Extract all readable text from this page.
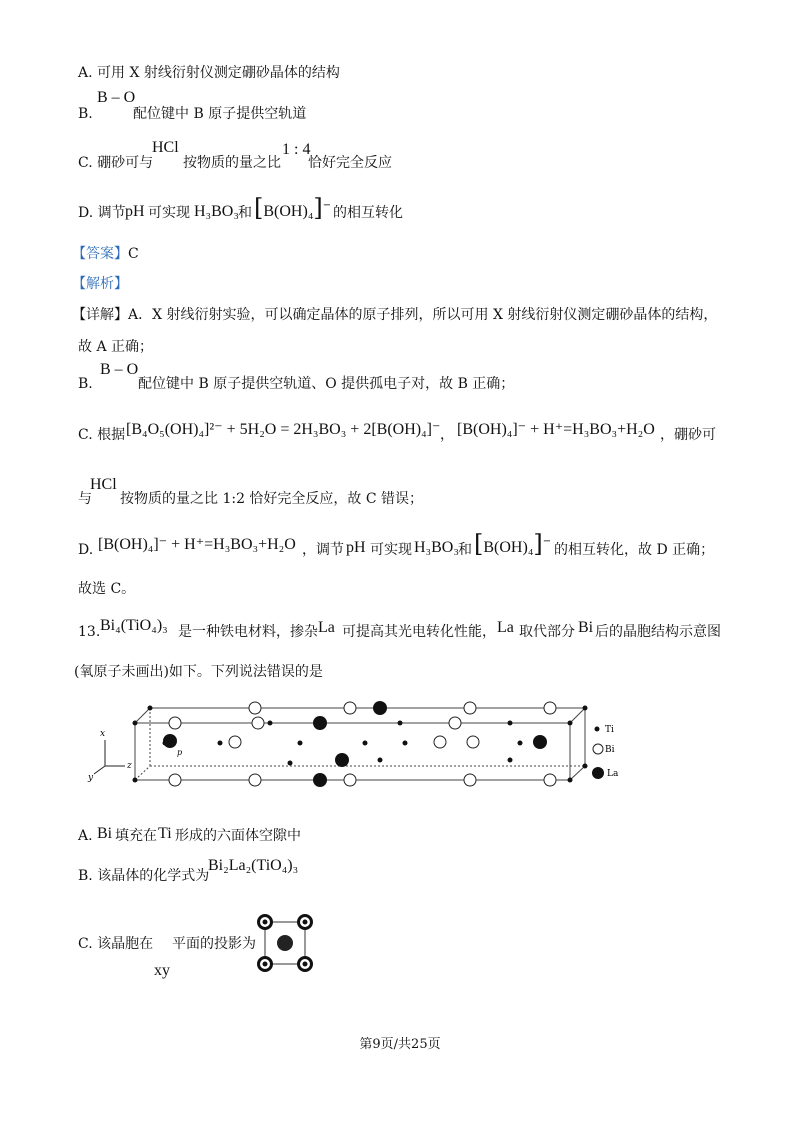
A. 可用 X 射线衍射仪测定硼砂晶体的结构
B.
B – O
配位键中 B 原子提供空轨道
C. 硼砂可与
HCl
按物质的量之比
1 : 4
恰好完全反应
D. 调节 pH 可实现 H₃BO₃ 和 [B(OH)₄]− 的相互转化
【答案】C
【解析】
【详解】A．X 射线衍射实验，可以确定晶体的原子排列，所以可用 X 射线衍射仪测定硼砂晶体的结构，
故 A 正确；
B.
B – O
配位键中 B 原子提供空轨道、O 提供孤电子对，故 B 正确；
C. 根据 [B₄O₅(OH)₄]²⁻ + 5H₂O = 2H₃BO₃ + 2[B(OH)₄]⁻ ， [B(OH)₄]⁻ + H⁺=H₃BO₃+H₂O ，硼砂可
与
HCl
按物质的量之比 1:2 恰好完全反应，故 C 错误；
D. [B(OH)₄]⁻ + H⁺=H₃BO₃+H₂O ，调节 pH 可实现 H₃BO₃ 和 [B(OH)₄]−
的相互转化，故 D 正确；
故选 C。
13. Bi₄(TiO₄)₃ 是一种铁电材料，掺杂 La 可提高其光电转化性能， La 取代部分 Bi 后的晶胞结构示意图
(氧原子未画出)如下。下列说法错误的是
x
z
y
p
Ti
Bi
La
A. Bi 填充在 Ti 形成的六面体空隙中
B. 该晶体的化学式为
Bi₂La₂(TiO₄)₃
C. 该晶胞在
xy
平面的投影为
第9页/共25页
